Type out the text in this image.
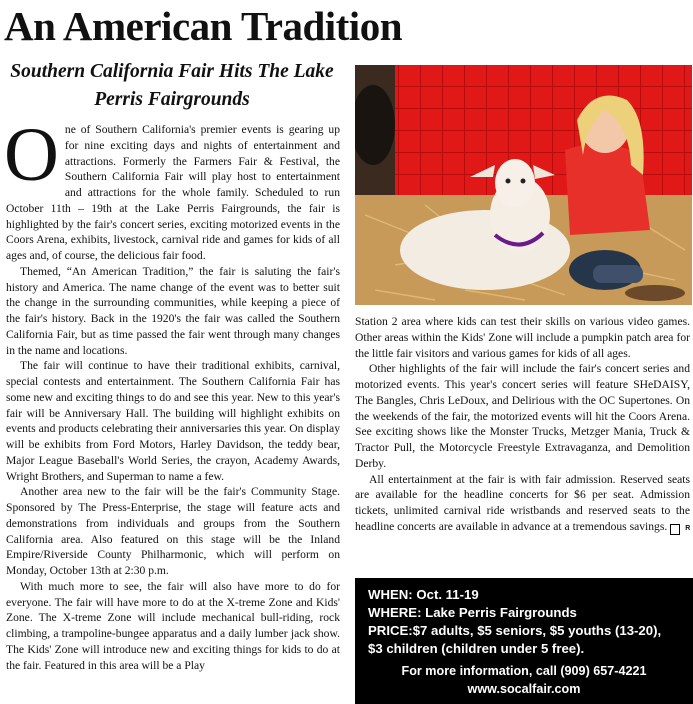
An American Tradition
Southern California Fair Hits The Lake Perris Fairgrounds

One of Southern California's premier events is gearing up for nine exciting days and nights of entertainment and attractions. Formerly the Farmers Fair & Festival, the Southern California Fair will play host to entertainment and attractions for the whole family. Scheduled to run October 11th – 19th at the Lake Perris Fairgrounds, the fair is highlighted by the fair's concert series, exciting motorized events in the Coors Arena, exhibits, livestock, carnival ride and games for kids of all ages and, of course, the delicious fair food.

Themed, “An American Tradition,” the fair is saluting the fair's history and America. The name change of the event was to better suit the change in the surrounding communities, while keeping a piece of the fair's history. Back in the 1920's the fair was called the Southern California Fair, but as time passed the fair went through many changes in the name and locations.

The fair will continue to have their traditional exhibits, carnival, special contests and entertainment. The Southern California Fair has some new and exciting things to do and see this year. New to this year's fair will be Anniversary Hall. The building will highlight exhibits on events and products celebrating their anniversaries this year. On display will be exhibits from Ford Motors, Harley Davidson, the teddy bear, Major League Baseball's World Series, the crayon, Academy Awards, Wright Brothers, and Superman to name a few.

Another area new to the fair will be the fair's Community Stage. Sponsored by The Press-Enterprise, the stage will feature acts and demonstrations from individuals and groups from the Southern California area. Also featured on this stage will be the Inland Empire/Riverside County Philharmonic, which will perform on Monday, October 13th at 2:30 p.m.

With much more to see, the fair will also have more to do for everyone. The fair will have more to do at the X-treme Zone and Kids' Zone. The X-treme Zone will include mechanical bull-riding, rock climbing, a trampoline-bungee apparatus and a daily lumber jack show. The Kids' Zone will introduce new and exciting things for kids to do at the fair. Featured in this area will be a Play

Station 2 area where kids can test their skills on various video games. Other areas within the Kids' Zone will include a pumpkin patch area for the little fair visitors and various games for kids of all ages.

Other highlights of the fair will include the fair's concert series and motorized events. This year's concert series will feature SHeDAISY, The Bangles, Chris LeDoux, and Delirious with the OC Supertones. On the weekends of the fair, the motorized events will hit the Coors Arena. See exciting shows like the Monster Trucks, Metzger Mania, Truck & Tractor Pull, the Motorcycle Freestyle Extravaganza, and Demolition Derby.

All entertainment at the fair is with fair admission. Reserved seats are available for the headline concerts for $6 per seat. Admission tickets, unlimited carnival ride wristbands and reserved seats to the headline concerts are available in advance at a tremendous savings.	R

WHEN: Oct. 11-19
WHERE: Lake Perris Fairgrounds
PRICE:$7 adults, $5 seniors, $5 youths (13-20),
$3 children (children under 5 free).
For more information, call (909) 657-4221
www.socalfair.com
